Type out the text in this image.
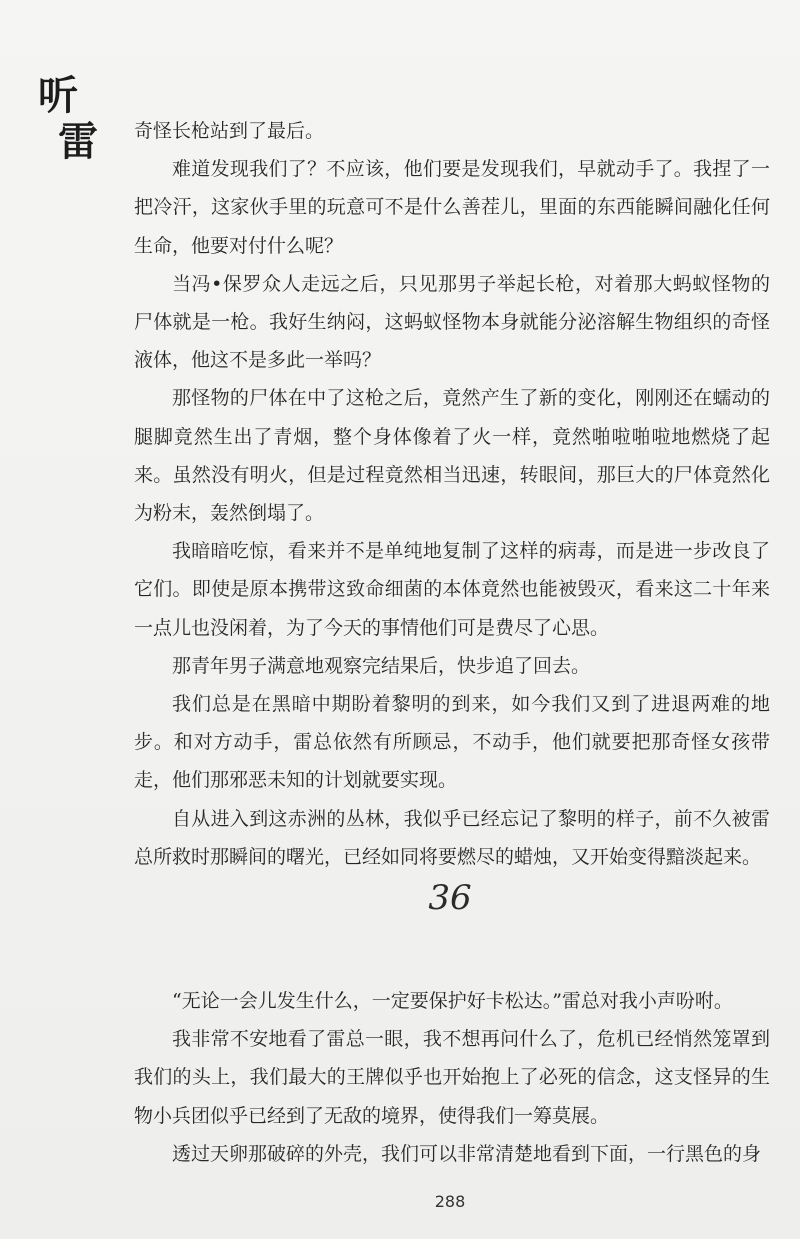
听
雷 奇怪长枪站到了最后。

难道发现我们了？不应该，他们要是发现我们，早就动手了。我捏了一把冷汗，这家伙手里的玩意可不是什么善茬儿，里面的东西能瞬间融化任何生命，他要对付什么呢？

当冯•保罗众人走远之后，只见那男子举起长枪，对着那大蚂蚁怪物的尸体就是一枪。我好生纳闷，这蚂蚁怪物本身就能分泌溶解生物组织的奇怪液体，他这不是多此一举吗？

那怪物的尸体在中了这枪之后，竟然产生了新的变化，刚刚还在蠕动的腿脚竟然生出了青烟，整个身体像着了火一样，竟然啪啦啪啦地燃烧了起来。虽然没有明火，但是过程竟然相当迅速，转眼间，那巨大的尸体竟然化为粉末，轰然倒塌了。

我暗暗吃惊，看来并不是单纯地复制了这样的病毒，而是进一步改良了它们。即使是原本携带这致命细菌的本体竟然也能被毁灭，看来这二十年来一点儿也没闲着，为了今天的事情他们可是费尽了心思。

那青年男子满意地观察完结果后，快步追了回去。

我们总是在黑暗中期盼着黎明的到来，如今我们又到了进退两难的地步。和对方动手，雷总依然有所顾忌，不动手，他们就要把那奇怪女孩带走，他们那邪恶未知的计划就要实现。

自从进入到这赤洲的丛林，我似乎已经忘记了黎明的样子，前不久被雷总所救时那瞬间的曙光，已经如同将要燃尽的蜡烛，又开始变得黯淡起来。

36

“无论一会儿发生什么，一定要保护好卡松达。”雷总对我小声吩咐。

我非常不安地看了雷总一眼，我不想再问什么了，危机已经悄然笼罩到我们的头上，我们最大的王牌似乎也开始抱上了必死的信念，这支怪异的生物小兵团似乎已经到了无敌的境界，使得我们一筹莫展。

透过天卵那破碎的外壳，我们可以非常清楚地看到下面，一行黑色的身

288
